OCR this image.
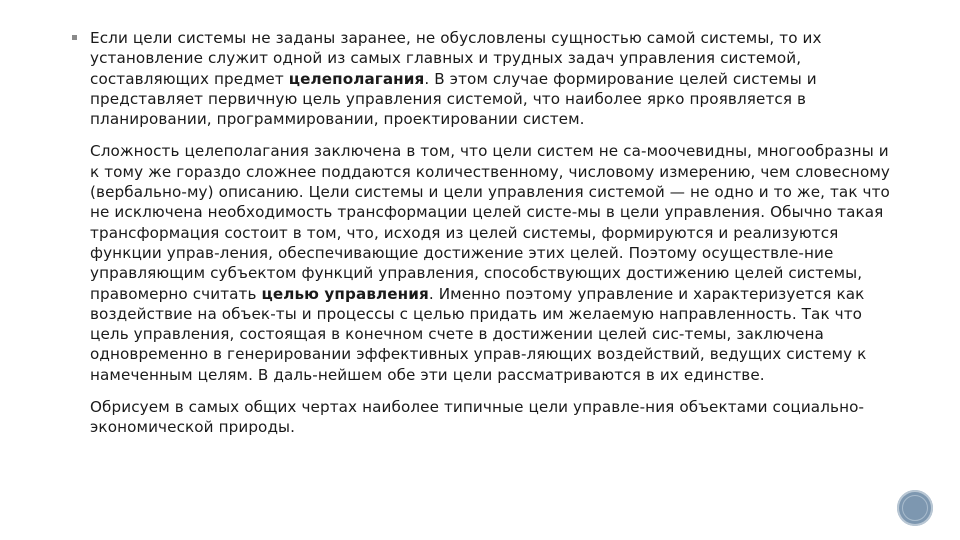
Если цели системы не заданы заранее, не обусловлены сущностью самой системы, то их установление служит одной из самых главных и трудных задач управления системой, составляющих предмет целеполагания. В этом случае формирование целей системы и представляет первичную цель управления системой, что наиболее ярко проявляется в планировании, программировании, проектировании систем.

Сложность целеполагания заключена в том, что цели систем не са-моочевидны, многообразны и к тому же гораздо сложнее поддаются количественному, числовому измерению, чем словесному (вербально-му) описанию. Цели системы и цели управления системой — не одно и то же, так что не исключена необходимость трансформации целей систе-мы в цели управления. Обычно такая трансформация состоит в том, что, исходя из целей системы, формируются и реализуются функции управ-ления, обеспечивающие достижение этих целей. Поэтому осуществле-ние управляющим субъектом функций управления, способствующих достижению целей системы, правомерно считать целью управления. Именно поэтому управление и характеризуется как воздействие на объек-ты и процессы с целью придать им желаемую направленность. Так что цель управления, состоящая в конечном счете в достижении целей сис-темы, заключена одновременно в генерировании эффективных управ-ляющих воздействий, ведущих систему к намеченным целям. В даль-нейшем обе эти цели рассматриваются в их единстве.

Обрисуем в самых общих чертах наиболее типичные цели управле-ния объектами социально-экономической природы.
